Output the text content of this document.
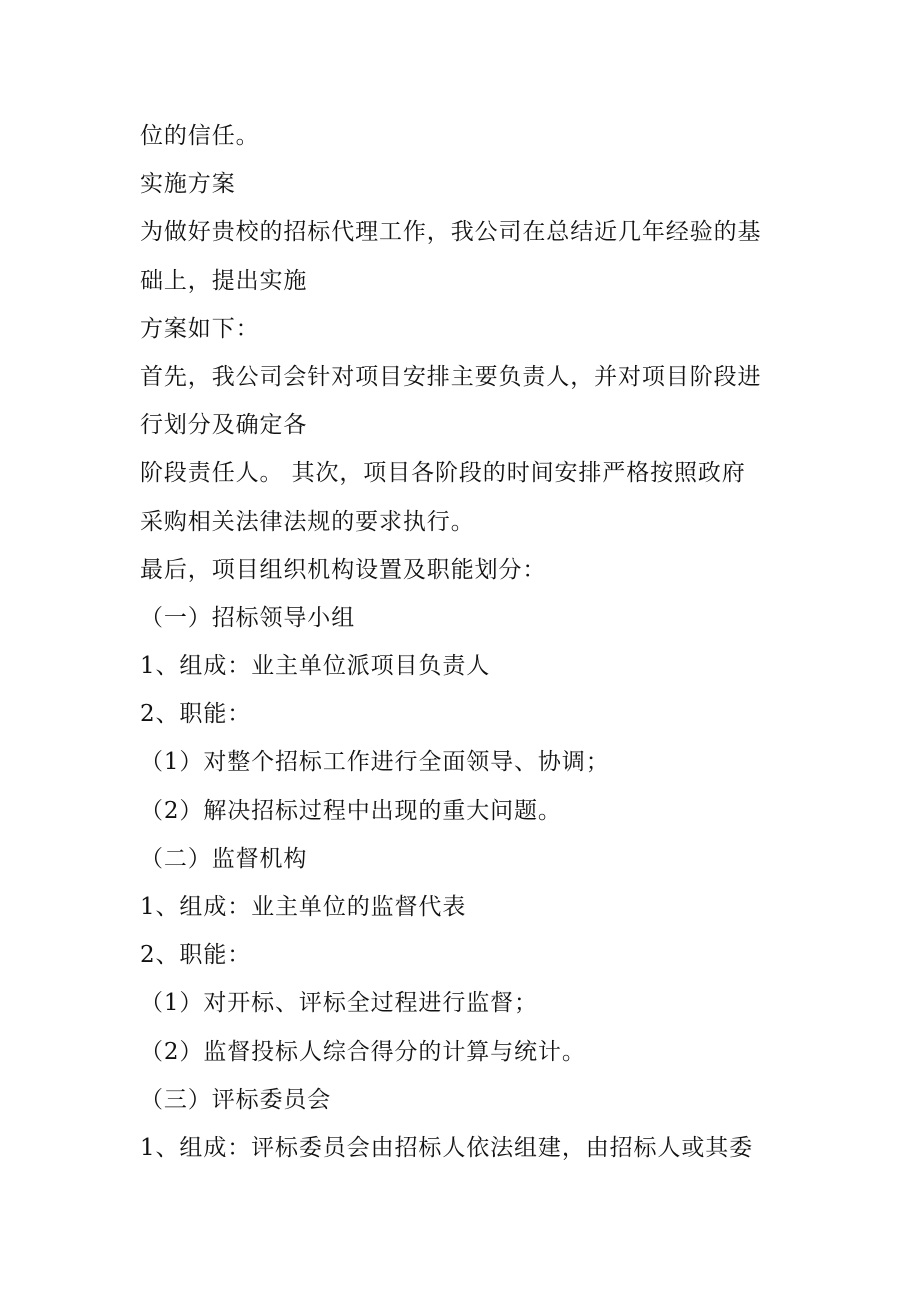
位的信任。
实施方案
为做好贵校的招标代理工作，我公司在总结近几年经验的基
础上，提出实施
方案如下：
首先，我公司会针对项目安排主要负责人，并对项目阶段进
行划分及确定各
阶段责任人。 其次，项目各阶段的时间安排严格按照政府
采购相关法律法规的要求执行。
最后，项目组织机构设置及职能划分：
（一）招标领导小组
1、组成：业主单位派项目负责人
2、职能：
（1）对整个招标工作进行全面领导、协调；
（2）解决招标过程中出现的重大问题。
（二）监督机构
1、组成：业主单位的监督代表
2、职能：
（1）对开标、评标全过程进行监督；
（2）监督投标人综合得分的计算与统计。
（三）评标委员会
1、组成：评标委员会由招标人依法组建，由招标人或其委
